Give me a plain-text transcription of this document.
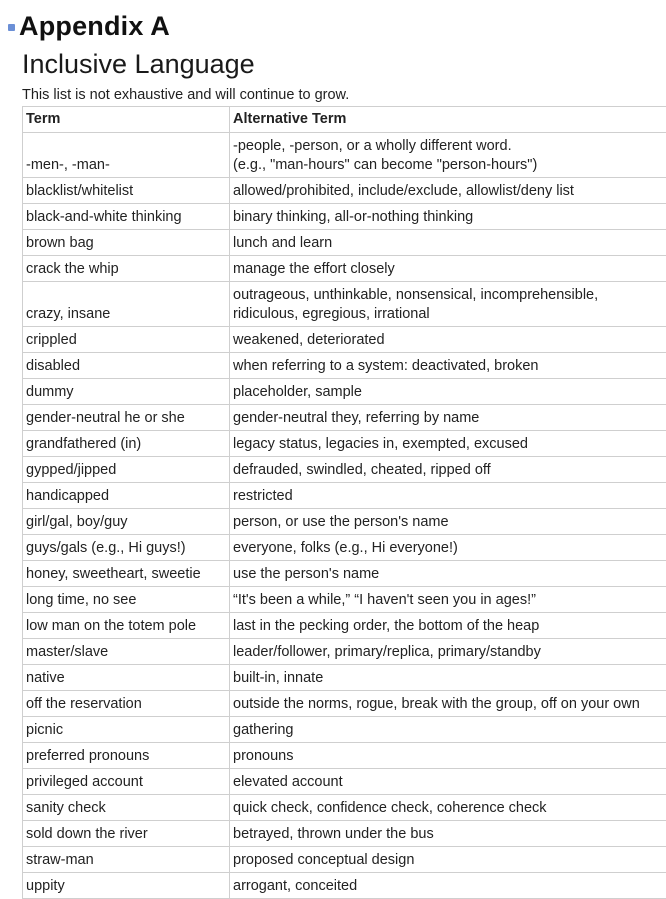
Appendix A
Inclusive Language
This list is not exhaustive and will continue to grow.
Term	Alternative Term
-men-, -man-	-people, -person, or a wholly different word.
(e.g., "man-hours" can become "person-hours")

blacklist/whitelist	allowed/prohibited, include/exclude, allowlist/deny list

black-and-white thinking	binary thinking, all-or-nothing thinking

brown bag	lunch and learn

crack the whip	manage the effort closely

crazy, insane	outrageous, unthinkable, nonsensical, incomprehensible,
ridiculous, egregious, irrational

crippled	weakened, deteriorated

disabled	when referring to a system: deactivated, broken

dummy	placeholder, sample

gender-neutral he or she	gender-neutral they, referring by name

grandfathered (in)	legacy status, legacies in, exempted, excused

gypped/jipped	defrauded, swindled, cheated, ripped off

handicapped	restricted

girl/gal, boy/guy	person, or use the person's name

guys/gals (e.g., Hi guys!)	everyone, folks (e.g., Hi everyone!)

honey, sweetheart, sweetie	use the person's name

long time, no see	“It's been a while,” “I haven't seen you in ages!”

low man on the totem pole	last in the pecking order, the bottom of the heap

master/slave	leader/follower, primary/replica, primary/standby

native	built-in, innate

off the reservation	outside the norms, rogue, break with the group, off on your own

picnic	gathering

preferred pronouns	pronouns

privileged account	elevated account

sanity check	quick check, confidence check, coherence check

sold down the river	betrayed, thrown under the bus

straw-man	proposed conceptual design

uppity	arrogant, conceited
